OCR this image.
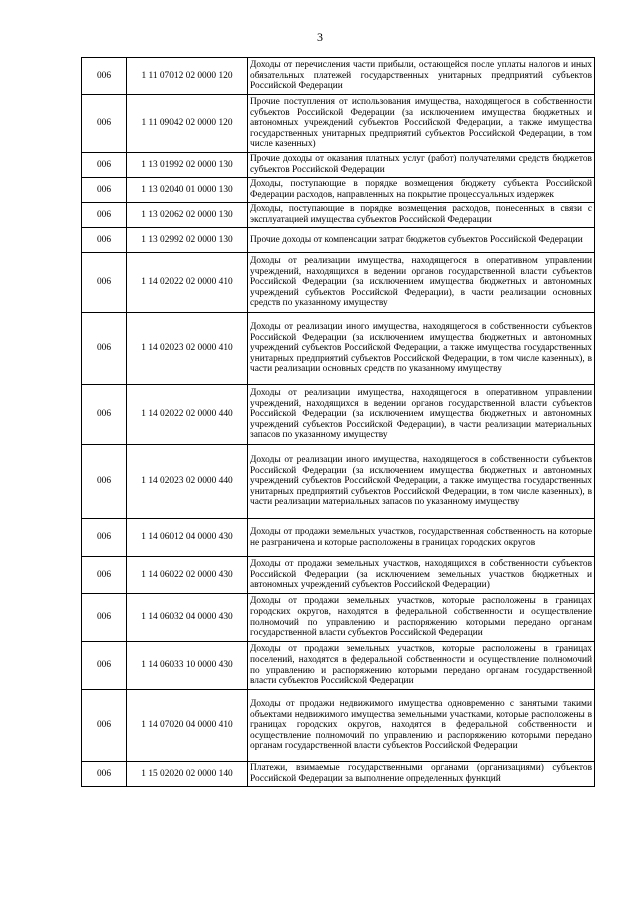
3
006	1 11 07012 02 0000 120	Доходы от перечисления части прибыли, остающейся после уплаты налогов и иных обязательных платежей государственных унитарных предприятий субъектов Российской Федерации
006	1 11 09042 02 0000 120	Прочие поступления от использования имущества, находящегося в собственности субъектов Российской Федерации (за исключением имущества бюджетных и автономных учреждений субъектов Российской Федерации, а также имущества государственных унитарных предприятий субъектов Российской Федерации, в том числе казенных)
006	1 13 01992 02 0000 130	Прочие доходы от оказания платных услуг (работ) получателями средств бюджетов субъектов Российской Федерации
006	1 13 02040 01 0000 130	Доходы, поступающие в порядке возмещения бюджету субъекта Российской Федерации расходов, направленных на покрытие процессуальных издержек
006	1 13 02062 02 0000 130	Доходы, поступающие в порядке возмещения расходов, понесенных в связи с эксплуатацией имущества субъектов Российской Федерации
006	1 13 02992 02 0000 130	Прочие доходы от компенсации затрат бюджетов субъектов Российской Федерации
006	1 14 02022 02 0000 410	Доходы от реализации имущества, находящегося в оперативном управлении учреждений, находящихся в ведении органов государственной власти субъектов Российской Федерации (за исключением имущества бюджетных и автономных учреждений субъектов Российской Федерации), в части реализации основных средств по указанному имуществу
006	1 14 02023 02 0000 410	Доходы от реализации иного имущества, находящегося в собственности субъектов Российской Федерации (за исключением имущества бюджетных и автономных учреждений субъектов Российской Федерации, а также имущества государственных унитарных предприятий субъектов Российской Федерации, в том числе казенных), в части реализации основных средств по указанному имуществу
006	1 14 02022 02 0000 440	Доходы от реализации имущества, находящегося в оперативном управлении учреждений, находящихся в ведении органов государственной власти субъектов Российской Федерации (за исключением имущества бюджетных и автономных учреждений субъектов Российской Федерации), в части реализации материальных запасов по указанному имуществу
006	1 14 02023 02 0000 440	Доходы от реализации иного имущества, находящегося в собственности субъектов Российской Федерации (за исключением имущества бюджетных и автономных учреждений субъектов Российской Федерации, а также имущества государственных унитарных предприятий субъектов Российской Федерации, в том числе казенных), в части реализации материальных запасов по указанному имуществу
006	1 14 06012 04 0000 430	Доходы от продажи земельных участков, государственная собственность на которые не разграничена и которые расположены в границах городских округов
006	1 14 06022 02 0000 430	Доходы от продажи земельных участков, находящихся в собственности субъектов Российской Федерации (за исключением земельных участков бюджетных и автономных учреждений субъектов Российской Федерации)
006	1 14 06032 04 0000 430	Доходы от продажи земельных участков, которые расположены в границах городских округов, находятся в федеральной собственности и осуществление полномочий по управлению и распоряжению которыми передано органам государственной власти субъектов Российской Федерации
006	1 14 06033 10 0000 430	Доходы от продажи земельных участков, которые расположены в границах поселений, находятся в федеральной собственности и осуществление полномочий по управлению и распоряжению которыми передано органам государственной власти субъектов Российской Федерации
006	1 14 07020 04 0000 410	Доходы от продажи недвижимого имущества одновременно с занятыми такими объектами недвижимого имущества земельными участками, которые расположены в границах городских округов, находятся в федеральной собственности и осуществление полномочий по управлению и распоряжению которыми передано органам государственной власти субъектов Российской Федерации
006	1 15 02020 02 0000 140	Платежи, взимаемые государственными органами (организациями) субъектов Российской Федерации за выполнение определенных функций
